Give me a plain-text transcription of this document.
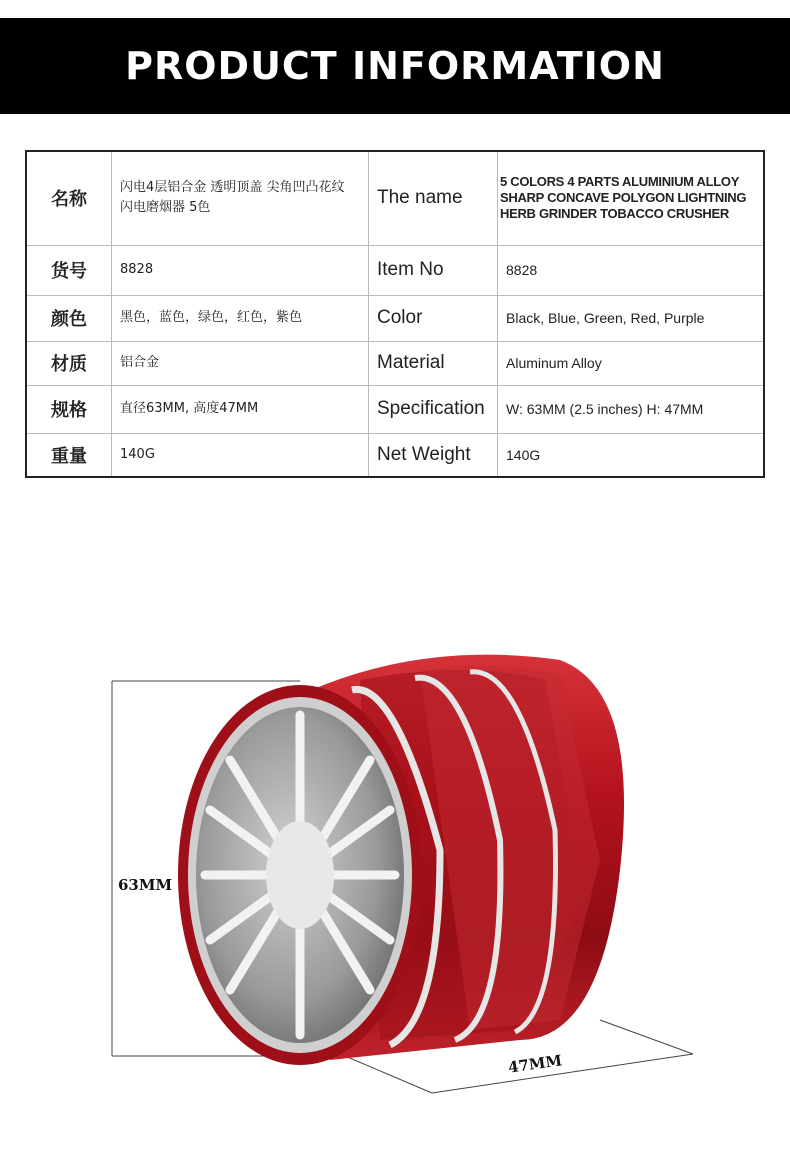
PRODUCT INFORMATION
名称	闪电4层铝合金 透明顶盖 尖角凹凸花纹 闪电磨烟器 5色	The name	5 COLORS 4 PARTS ALUMINIUM ALLOY SHARP CONCAVE POLYGON LIGHTNING HERB GRINDER TOBACCO CRUSHER
货号	8828	Item No	8828
颜色	黑色，蓝色，绿色，红色，紫色	Color	Black, Blue, Green, Red, Purple
材质	铝合金	Material	Aluminum Alloy
规格	直径63MM, 高度47MM	Specification	W: 63MM (2.5 inches) H: 47MM
重量	140G	Net Weight	140G
63MM
47MM
